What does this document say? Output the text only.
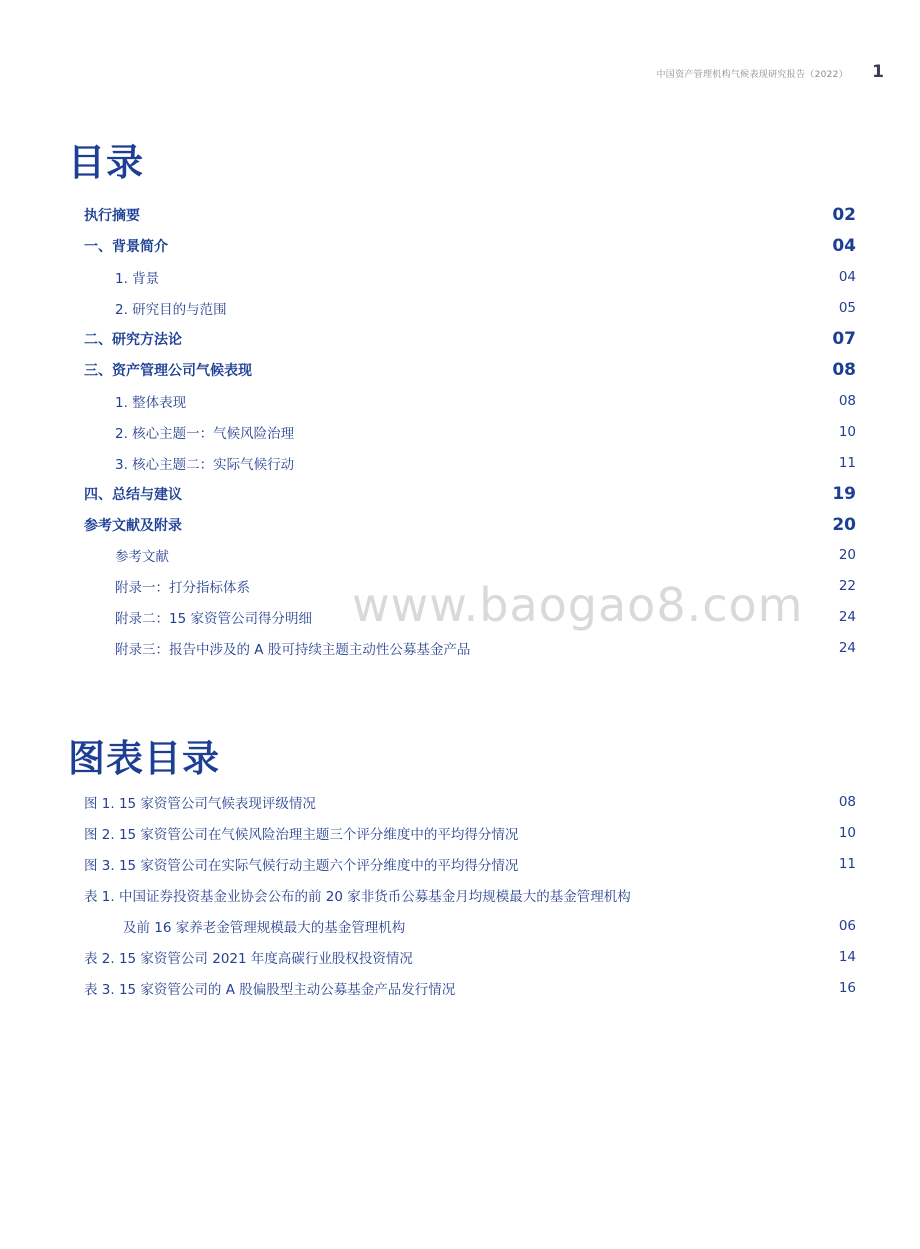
中国资产管理机构气候表现研究报告（2022） 1
目录
执行摘要	02
一、背景简介	04
1. 背景	04
2. 研究目的与范围	05
二、研究方法论	07
三、资产管理公司气候表现	08
1. 整体表现	08
2. 核心主题一：气候风险治理	10
3. 核心主题二：实际气候行动	11
四、总结与建议	19
参考文献及附录	20
参考文献	20
附录一：打分指标体系	22
附录二：15 家资管公司得分明细	24
附录三：报告中涉及的 A 股可持续主题主动性公募基金产品	24
www.baogao8.com
图表目录
图 1. 15 家资管公司气候表现评级情况	08
图 2. 15 家资管公司在气候风险治理主题三个评分维度中的平均得分情况	10
图 3. 15 家资管公司在实际气候行动主题六个评分维度中的平均得分情况	11
表 1. 中国证券投资基金业协会公布的前 20 家非货币公募基金月均规模最大的基金管理机构
及前 16 家养老金管理规模最大的基金管理机构	06
表 2. 15 家资管公司 2021 年度高碳行业股权投资情况	14
表 3. 15 家资管公司的 A 股偏股型主动公募基金产品发行情况	16
